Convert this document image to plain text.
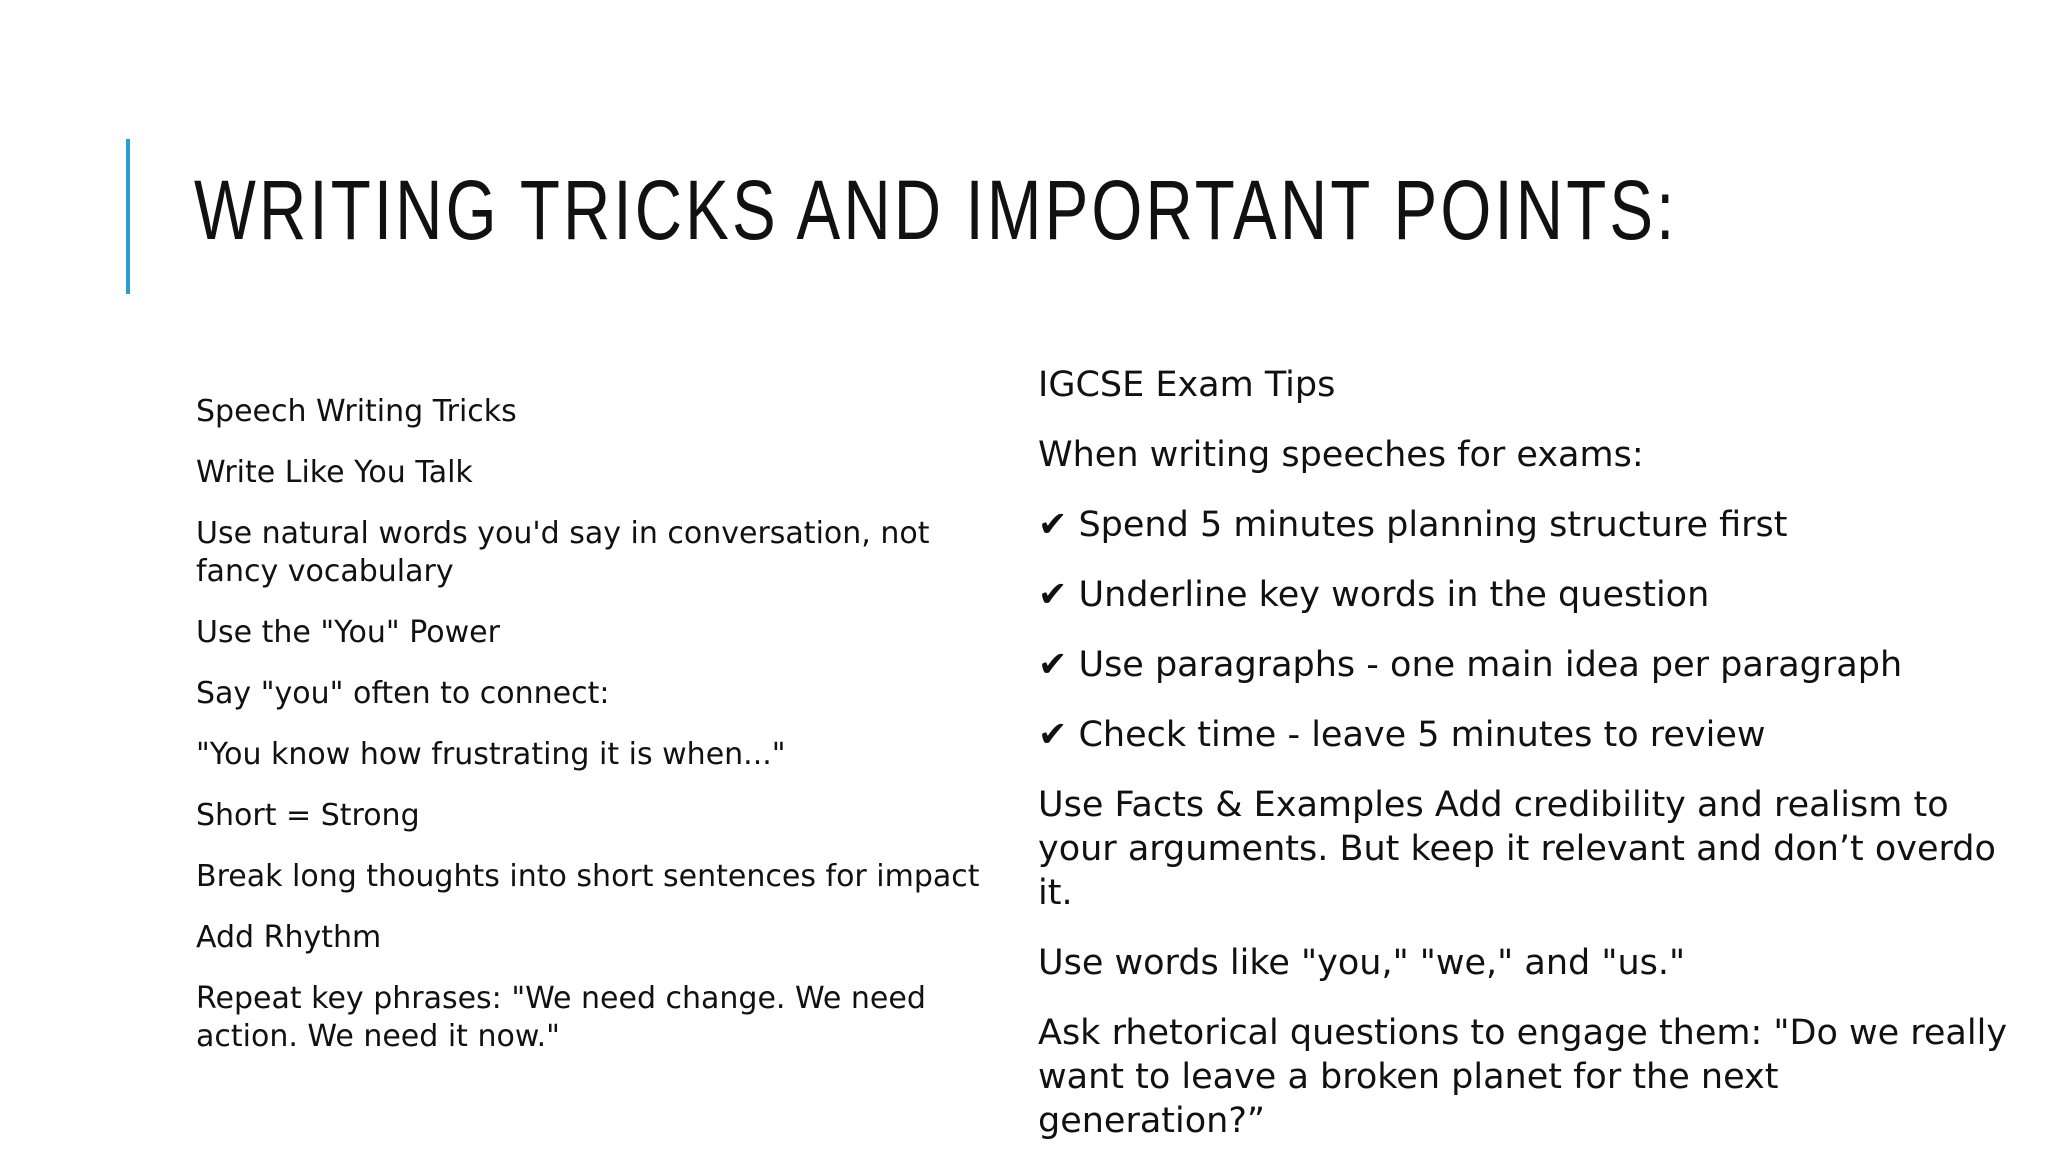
WRITING TRICKS AND IMPORTANT POINTS:

Speech Writing Tricks

Write Like You Talk

Use natural words you'd say in conversation, not fancy vocabulary

Use the "You" Power

Say "you" often to connect:

"You know how frustrating it is when..."

Short = Strong

Break long thoughts into short sentences for impact

Add Rhythm

Repeat key phrases: "We need change. We need action. We need it now."

IGCSE Exam Tips

When writing speeches for exams:

✔ Spend 5 minutes planning structure first

✔ Underline key words in the question

✔ Use paragraphs - one main idea per paragraph

✔ Check time - leave 5 minutes to review

Use Facts & Examples Add credibility and realism to your arguments. But keep it relevant and don’t overdo it.

Use words like "you," "we," and "us."

Ask rhetorical questions to engage them: "Do we really want to leave a broken planet for the next generation?”
